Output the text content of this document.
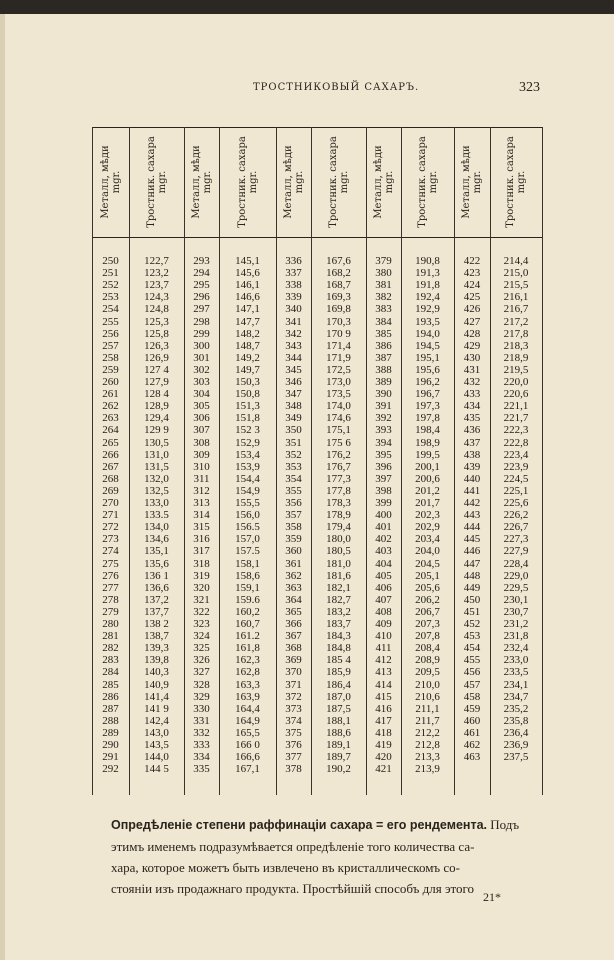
ТРОСТНИКОВЫЙ САХАРЪ.	323
Металл, мѣди mgr. Тростник. сахара mgr. Металл, мѣди mgr. Тростник. сахара mgr. Металл, мѣди mgr. Тростник. сахара mgr. Металл, мѣди mgr. Тростник. сахара mgr. Металл, мѣди mgr. Тростник. сахара mgr.
250
251
252
253
254
255
256
257
258
259
260
261
262
263
264
265
266
267
268
269
270
271
272
273
274
275
276
277
278
279
280
281
282
283
284
285
286
287
288
289
290
291
292
122,7
123,2
123,7
124,3
124,8
125,3
125,8
126,3
126,9
127 4
127,9
128 4
128,9
129,4
129 9
130,5
131,0
131,5
132,0
132,5
133,0
133.5
134,0
134,6
135,1
135,6
136 1
136,6
137,2
137,7
138 2
138,7
139,3
139,8
140,3
140,9
141,4
141 9
142,4
143,0
143,5
144,0
144 5
293
294
295
296
297
298
299
300
301
302
303
304
305
306
307
308
309
310
311
312
313
314
315
316
317
318
319
320
321
322
323
324
325
326
327
328
329
330
331
332
333
334
335
145,1
145,6
146,1
146,6
147,1
147,7
148,2
148,7
149,2
149,7
150,3
150,8
151,3
151,8
152 3
152,9
153,4
153,9
154,4
154,9
155,5
156,0
156.5
157,0
157.5
158,1
158,6
159,1
159.6
160,2
160,7
161.2
161,8
162,3
162,8
163,3
163,9
164,4
164,9
165,5
166 0
166,6
167,1
336
337
338
339
340
341
342
343
344
345
346
347
348
349
350
351
352
353
354
355
356
357
358
359
360
361
362
363
364
365
366
367
368
369
370
371
372
373
374
375
376
377
378
167,6
168,2
168,7
169,3
169,8
170,3
170 9
171,4
171,9
172,5
173,0
173,5
174,0
174,6
175,1
175 6
176,2
176,7
177,3
177,8
178,3
178,9
179,4
180,0
180,5
181,0
181,6
182,1
182,7
183,2
183,7
184,3
184,8
185 4
185,9
186,4
187,0
187,5
188,1
188,6
189,1
189,7
190,2
379
380
381
382
383
384
385
386
387
388
389
390
391
392
393
394
395
396
397
398
399
400
401
402
403
404
405
406
407
408
409
410
411
412
413
414
415
416
417
418
419
420
421
190,8
191,3
191,8
192,4
192,9
193,5
194,0
194,5
195,1
195,6
196,2
196,7
197,3
197,8
198,4
198,9
199,5
200,1
200,6
201,2
201,7
202,3
202,9
203,4
204,0
204,5
205,1
205,6
206,2
206,7
207,3
207,8
208,4
208,9
209,5
210,0
210,6
211,1
211,7
212,2
212,8
213,3
213,9
422
423
424
425
426
427
428
429
430
431
432
433
434
435
436
437
438
439
440
441
442
443
444
445
446
447
448
449
450
451
452
453
454
455
456
457
458
459
460
461
462
463
214,4
215,0
215,5
216,1
216,7
217,2
217,8
218,3
218,9
219,5
220,0
220,6
221,1
221,7
222,3
222,8
223,4
223,9
224,5
225,1
225,6
226,2
226,7
227,3
227,9
228,4
229,0
229,5
230,1
230,7
231,2
231,8
232,4
233,0
233,5
234,1
234,7
235,2
235,8
236,4
236,9
237,5
Опредѣленіе степени раффинаціи сахара = его рендемента. Подъ
этимъ именемъ подразумѣвается опредѣленіе того количества са-
хара, которое можетъ быть извлечено въ кристаллическомъ со-
стояніи изъ продажнаго продукта. Простѣйшій способъ для этого
21*
